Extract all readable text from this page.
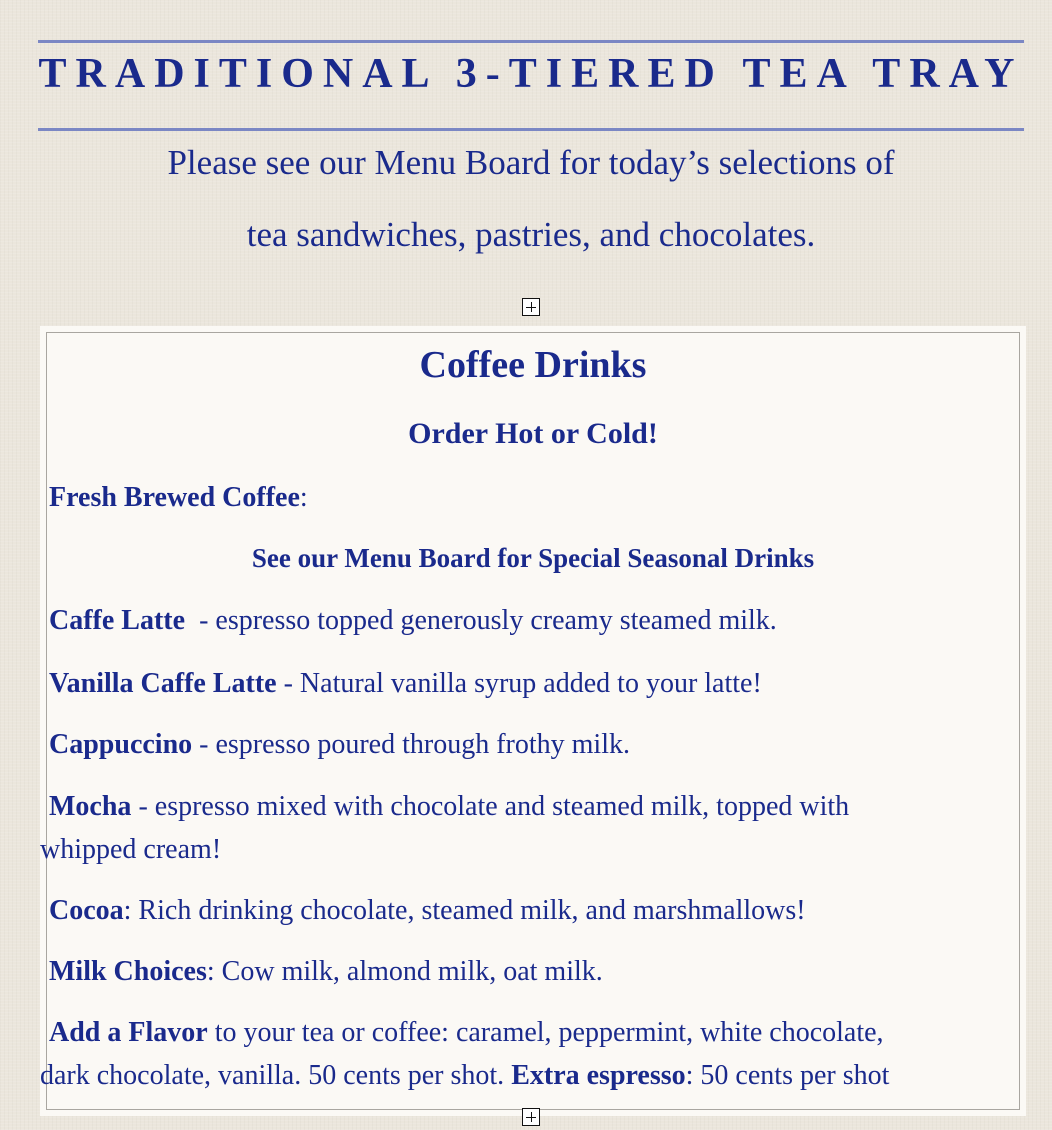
TRADITIONAL 3-TIERED TEA TRAY
Please see our Menu Board for today’s selections of
tea sandwiches, pastries, and chocolates.
Coffee Drinks
Order Hot or Cold!
Fresh Brewed Coffee:
See our Menu Board for Special Seasonal Drinks
Caffe Latte  - espresso topped generously creamy steamed milk.
Vanilla Caffe Latte - Natural vanilla syrup added to your latte!
Cappuccino - espresso poured through frothy milk.
Mocha - espresso mixed with chocolate and steamed milk, topped with
whipped cream!
Cocoa: Rich drinking chocolate, steamed milk, and marshmallows!
Milk Choices: Cow milk, almond milk, oat milk.
Add a Flavor to your tea or coffee: caramel, peppermint, white chocolate,
dark chocolate, vanilla. 50 cents per shot. Extra espresso: 50 cents per shot
